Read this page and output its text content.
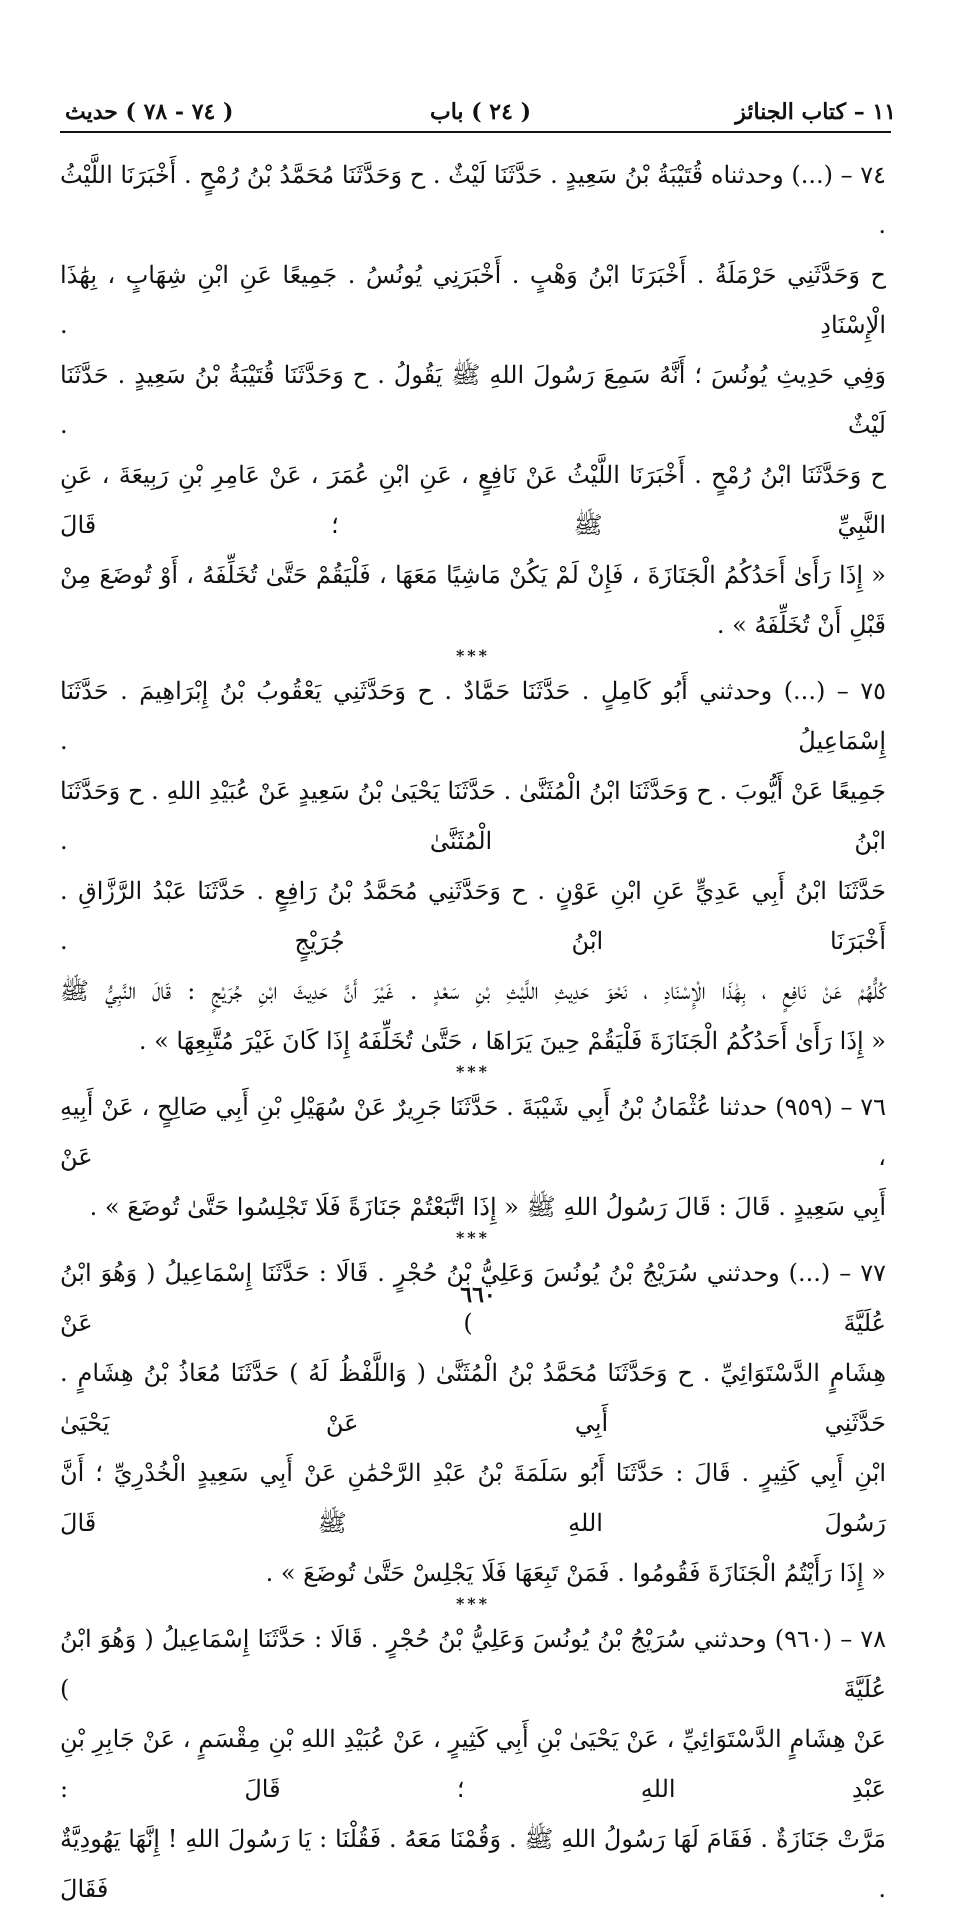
١١ – كتاب الجنائز
( ٢٤ ) باب
( ٧٤ - ٧٨ ) حديث

٧٤ – (...) وحدثناه قُتَيْبَةُ بْنُ سَعِيدٍ . حَدَّثَنَا لَيْثٌ . ح وَحَدَّثَنَا مُحَمَّدُ بْنُ رُمْحٍ . أَخْبَرَنَا اللَّيْثُ .

ح وَحَدَّثَنِي حَرْمَلَةُ . أَخْبَرَنَا ابْنُ وَهْبٍ . أَخْبَرَنِي يُونُسُ . جَمِيعًا عَنِ ابْنِ شِهَابٍ ، بِهَٰذَا الْإِسْنَادِ .

وَفِي حَدِيثِ يُونُسَ ؛ أَنَّهُ سَمِعَ رَسُولَ اللهِ ﷺ يَقُولُ . ح وَحَدَّثَنَا قُتَيْبَةُ بْنُ سَعِيدٍ . حَدَّثَنَا لَيْثٌ .

ح وَحَدَّثَنَا ابْنُ رُمْحٍ . أَخْبَرَنَا اللَّيْثُ عَنْ نَافِعٍ ، عَنِ ابْنِ عُمَرَ ، عَنْ عَامِرِ بْنِ رَبِيعَةَ ، عَنِ النَّبِيِّ ﷺ ؛ قَالَ

« إِذَا رَأَىٰ أَحَدُكُمُ الْجَنَازَةَ ، فَإِنْ لَمْ يَكُنْ مَاشِيًا مَعَهَا ، فَلْيَقُمْ حَتَّىٰ تُخَلِّفَهُ ، أَوْ تُوضَعَ مِنْ قَبْلِ أَنْ تُخَلِّفَهُ » .

***

٧٥ – (...) وحدثني أَبُو كَامِلٍ . حَدَّثَنَا حَمَّادٌ . ح وَحَدَّثَنِي يَعْقُوبُ بْنُ إِبْرَاهِيمَ . حَدَّثَنَا إِسْمَاعِيلُ .

جَمِيعًا عَنْ أَيُّوبَ . ح وَحَدَّثَنَا ابْنُ الْمُثَنَّىٰ . حَدَّثَنَا يَحْيَىٰ بْنُ سَعِيدٍ عَنْ عُبَيْدِ اللهِ . ح وَحَدَّثَنَا ابْنُ الْمُثَنَّىٰ .

حَدَّثَنَا ابْنُ أَبِي عَدِيٍّ عَنِ ابْنِ عَوْنٍ . ح وَحَدَّثَنِي مُحَمَّدُ بْنُ رَافِعٍ . حَدَّثَنَا عَبْدُ الرَّزَّاقِ . أَخْبَرَنَا ابْنُ جُرَيْجٍ .

كُلُّهُمْ عَنْ نَافِعٍ ، بِهَٰذَا الْإِسْنَادِ ، نَحْوَ حَدِيثِ اللَّيْثِ بْنِ سَعْدٍ . غَيْرَ أَنَّ حَدِيثَ ابْنِ جُرَيْجٍ : قَالَ النَّبِيُّ ﷺ

« إِذَا رَأَىٰ أَحَدُكُمُ الْجَنَازَةَ فَلْيَقُمْ حِينَ يَرَاهَا ، حَتَّىٰ تُخَلِّفَهُ إِذَا كَانَ غَيْرَ مُتَّبِعِهَا » .

***

٧٦ – (٩٥٩) حدثنا عُثْمَانُ بْنُ أَبِي شَيْبَةَ . حَدَّثَنَا جَرِيرٌ عَنْ سُهَيْلِ بْنِ أَبِي صَالِحٍ ، عَنْ أَبِيهِ ، عَنْ

أَبِي سَعِيدٍ . قَالَ : قَالَ رَسُولُ اللهِ ﷺ « إِذَا اتَّبَعْتُمْ جَنَازَةً فَلَا تَجْلِسُوا حَتَّىٰ تُوضَعَ » .

***

٧٧ – (...) وحدثني سُرَيْجُ بْنُ يُونُسَ وَعَلِيُّ بْنُ حُجْرٍ . قَالَا : حَدَّثَنَا إِسْمَاعِيلُ ( وَهُوَ ابْنُ عُلَيَّةَ ) عَنْ

هِشَامٍ الدَّسْتَوَائِيِّ . ح وَحَدَّثَنَا مُحَمَّدُ بْنُ الْمُثَنَّىٰ ( وَاللَّفْظُ لَهُ ) حَدَّثَنَا مُعَاذُ بْنُ هِشَامٍ . حَدَّثَنِي أَبِي عَنْ يَحْيَىٰ

ابْنِ أَبِي كَثِيرٍ . قَالَ : حَدَّثَنَا أَبُو سَلَمَةَ بْنُ عَبْدِ الرَّحْمَٰنِ عَنْ أَبِي سَعِيدٍ الْخُدْرِيِّ ؛ أَنَّ رَسُولَ اللهِ ﷺ قَالَ

« إِذَا رَأَيْتُمُ الْجَنَازَةَ فَقُومُوا . فَمَنْ تَبِعَهَا فَلَا يَجْلِسْ حَتَّىٰ تُوضَعَ » .

***

٧٨ – (٩٦٠) وحدثني سُرَيْجُ بْنُ يُونُسَ وَعَلِيُّ بْنُ حُجْرٍ . قَالَا : حَدَّثَنَا إِسْمَاعِيلُ ( وَهُوَ ابْنُ عُلَيَّةَ )

عَنْ هِشَامٍ الدَّسْتَوَائِيِّ ، عَنْ يَحْيَىٰ بْنِ أَبِي كَثِيرٍ ، عَنْ عُبَيْدِ اللهِ بْنِ مِقْسَمٍ ، عَنْ جَابِرِ بْنِ عَبْدِ اللهِ ؛ قَالَ :

مَرَّتْ جَنَازَةٌ . فَقَامَ لَهَا رَسُولُ اللهِ ﷺ . وَقُمْنَا مَعَهُ . فَقُلْنَا : يَا رَسُولَ اللهِ ! إِنَّهَا يَهُودِيَّةٌ . فَقَالَ

٦٦٠
